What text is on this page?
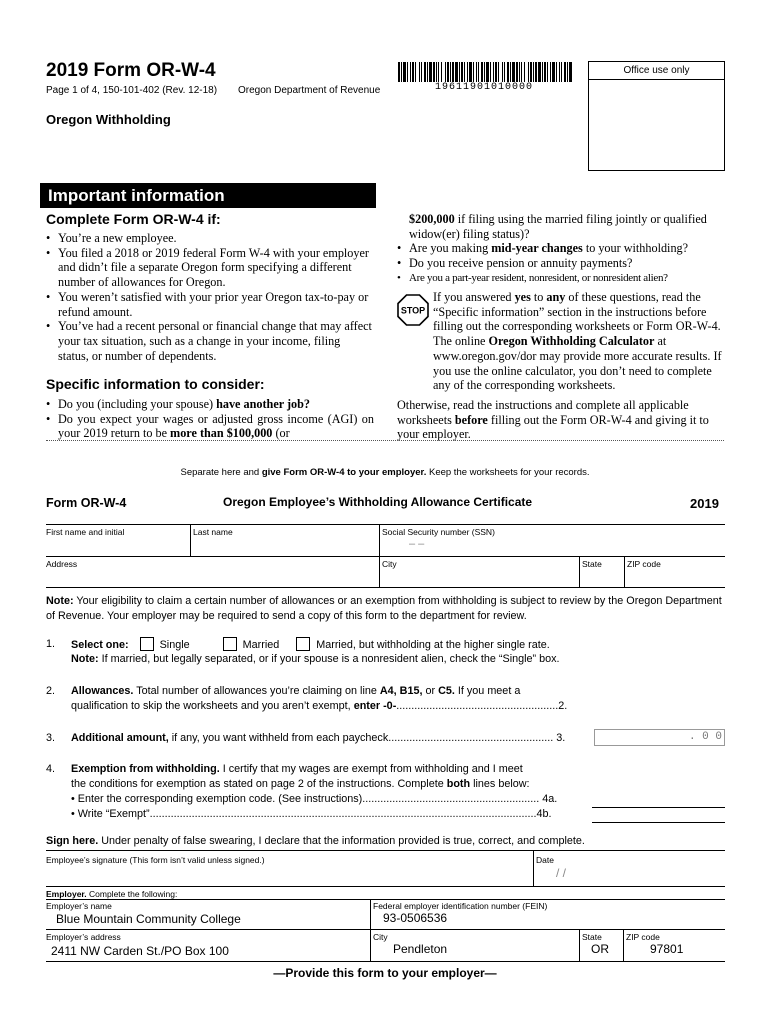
2019 Form OR-W-4
Page 1 of 4, 150-101-402 (Rev. 12-18) Oregon Department of Revenue	19611901010000
Office use only
Oregon Withholding
Important information
Complete Form OR-W-4 if:
• You’re a new employee.
• You filed a 2018 or 2019 federal Form W-4 with your employer and didn’t file a separate Oregon form specifying a different number of allowances for Oregon.
• You weren’t satisfied with your prior year Oregon tax-to-pay or refund amount.
• You’ve had a recent personal or financial change that may affect your tax situation, such as a change in your income, filing status, or number of dependents.
Specific information to consider:
• Do you (including your spouse) have another job?
• Do you expect your wages or adjusted gross income (AGI) on your 2019 return to be more than $100,000 (or
$200,000 if filing using the married filing jointly or qualified widow(er) filing status)?
• Are you making mid-year changes to your withholding?
• Do you receive pension or annuity payments?
• Are you a part-year resident, nonresident, or nonresident alien?
STOP
If you answered yes to any of these questions, read the “Specific information” section in the instructions before filling out the corresponding worksheets or Form OR-W-4. The online Oregon Withholding Calculator at www.oregon.gov/dor may provide more accurate results. If you use the online calculator, you don’t need to complete any of the corresponding worksheets.
Otherwise, read the instructions and complete all applicable worksheets before filling out the Form OR-W-4 and giving it to your employer.
Separate here and give Form OR-W-4 to your employer. Keep the worksheets for your records.
Form OR-W-4	Oregon Employee’s Withholding Allowance Certificate	2019
First name and initial	Last name	Social Security number (SSN)
– –
Address	City	State	ZIP code
Note: Your eligibility to claim a certain number of allowances or an exemption from withholding is subject to review by the Oregon Department of Revenue. Your employer may be required to send a copy of this form to the department for review.
1. Select one:	Single	Married	Married, but withholding at the higher single rate.
Note: If married, but legally separated, or if your spouse is a nonresident alien, check the “Single” box.
2. Allowances. Total number of allowances you’re claiming on line A4, B15, or C5. If you meet a
qualification to skip the worksheets and you aren’t exempt, enter -0-......................................................2.
3. Additional amount, if any, you want withheld from each paycheck....................................................... 3.	. 0 0
4. Exemption from withholding. I certify that my wages are exempt from withholding and I meet
the conditions for exemption as stated on page 2 of the instructions. Complete both lines below:
• Enter the corresponding exemption code. (See instructions)........................................................... 4a.
• Write “Exempt”.................................................................................................................................4b.
Sign here. Under penalty of false swearing, I declare that the information provided is true, correct, and complete.
Employee’s signature (This form isn’t valid unless signed.)	Date
/ /
Employer. Complete the following:
Employer’s name
Blue Mountain Community College
Federal employer identification number (FEIN)
93-0506536
Employer’s address
2411 NW Carden St./PO Box 100
City
Pendleton
State
OR
ZIP code
97801
—Provide this form to your employer—
